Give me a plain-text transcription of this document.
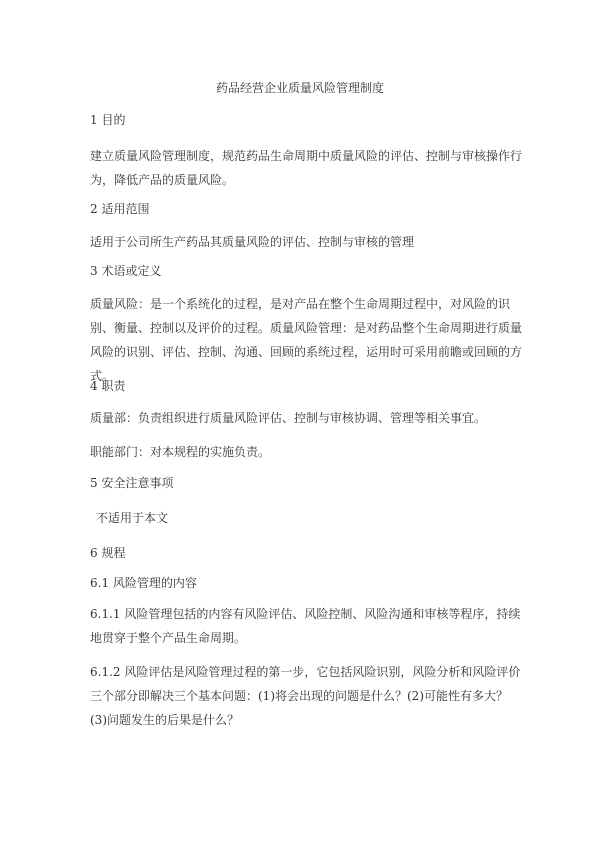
药品经营企业质量风险管理制度
1 目的

建立质量风险管理制度，规范药品生命周期中质量风险的评估、控制与审核操作行为，降低产品的质量风险。

2 适用范围

适用于公司所生产药品其质量风险的评估、控制与审核的管理

3 术语或定义

质量风险：是一个系统化的过程，是对产品在整个生命周期过程中，对风险的识别、衡量、控制以及评价的过程。质量风险管理：是对药品整个生命周期进行质量风险的识别、评估、控制、沟通、回顾的系统过程，运用时可采用前瞻或回顾的方式。

4 职责

质量部：负责组织进行质量风险评估、控制与审核协调、管理等相关事宜。

职能部门：对本规程的实施负责。

5 安全注意事项

不适用于本文

6 规程
6.1 风险管理的内容

6.1.1 风险管理包括的内容有风险评估、风险控制、风险沟通和审核等程序，持续地贯穿于整个产品生命周期。

6.1.2 风险评估是风险管理过程的第一步，它包括风险识别，风险分析和风险评价三个部分即解决三个基本问题：(1)将会出现的问题是什么？(2)可能性有多大？(3)问题发生的后果是什么？
